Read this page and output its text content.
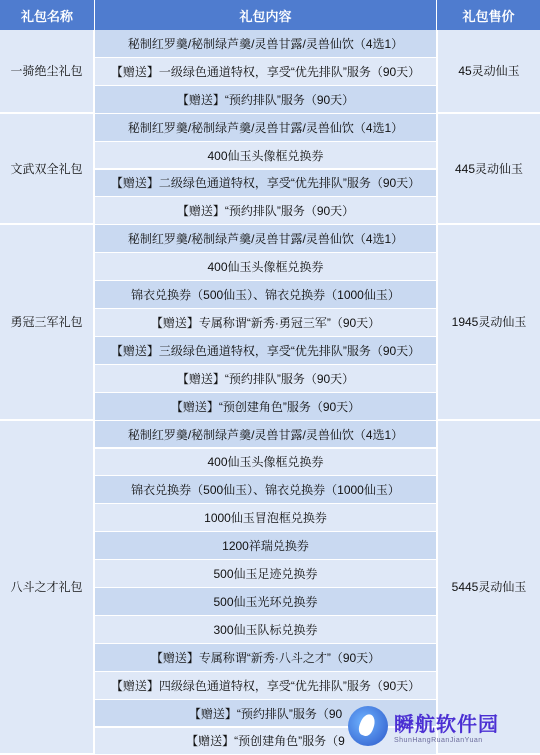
礼包名称	礼包内容	礼包售价
一骑绝尘礼包
秘制红罗羹/秘制绿芦羹/灵兽甘露/灵兽仙饮（4选1）
【赠送】一级绿色通道特权，享受“优先排队”服务（90天）
【赠送】“预约排队”服务（90天）
45灵动仙玉
文武双全礼包
秘制红罗羹/秘制绿芦羹/灵兽甘露/灵兽仙饮（4选1）
400仙玉头像框兑换券
【赠送】二级绿色通道特权，享受“优先排队”服务（90天）
【赠送】“预约排队”服务（90天）
445灵动仙玉
勇冠三军礼包
秘制红罗羹/秘制绿芦羹/灵兽甘露/灵兽仙饮（4选1）
400仙玉头像框兑换券
锦衣兑换券（500仙玉）、锦衣兑换券（1000仙玉）
【赠送】专属称谓“新秀·勇冠三军”（90天）
【赠送】三级绿色通道特权，享受“优先排队”服务（90天）
【赠送】“预约排队”服务（90天）
【赠送】“预创建角色”服务（90天）
1945灵动仙玉
八斗之才礼包
秘制红罗羹/秘制绿芦羹/灵兽甘露/灵兽仙饮（4选1）
400仙玉头像框兑换券
锦衣兑换券（500仙玉）、锦衣兑换券（1000仙玉）
1000仙玉冒泡框兑换券
1200祥瑞兑换券
500仙玉足迹兑换券
500仙玉光环兑换券
300仙玉队标兑换券
【赠送】专属称谓“新秀·八斗之才”（90天）
【赠送】四级绿色通道特权，享受“优先排队”服务（90天）
【赠送】“预约排队”服务（90
【赠送】“预创建角色”服务（9
5445灵动仙玉
瞬航软件园
ShunHangRuanJianYuan
